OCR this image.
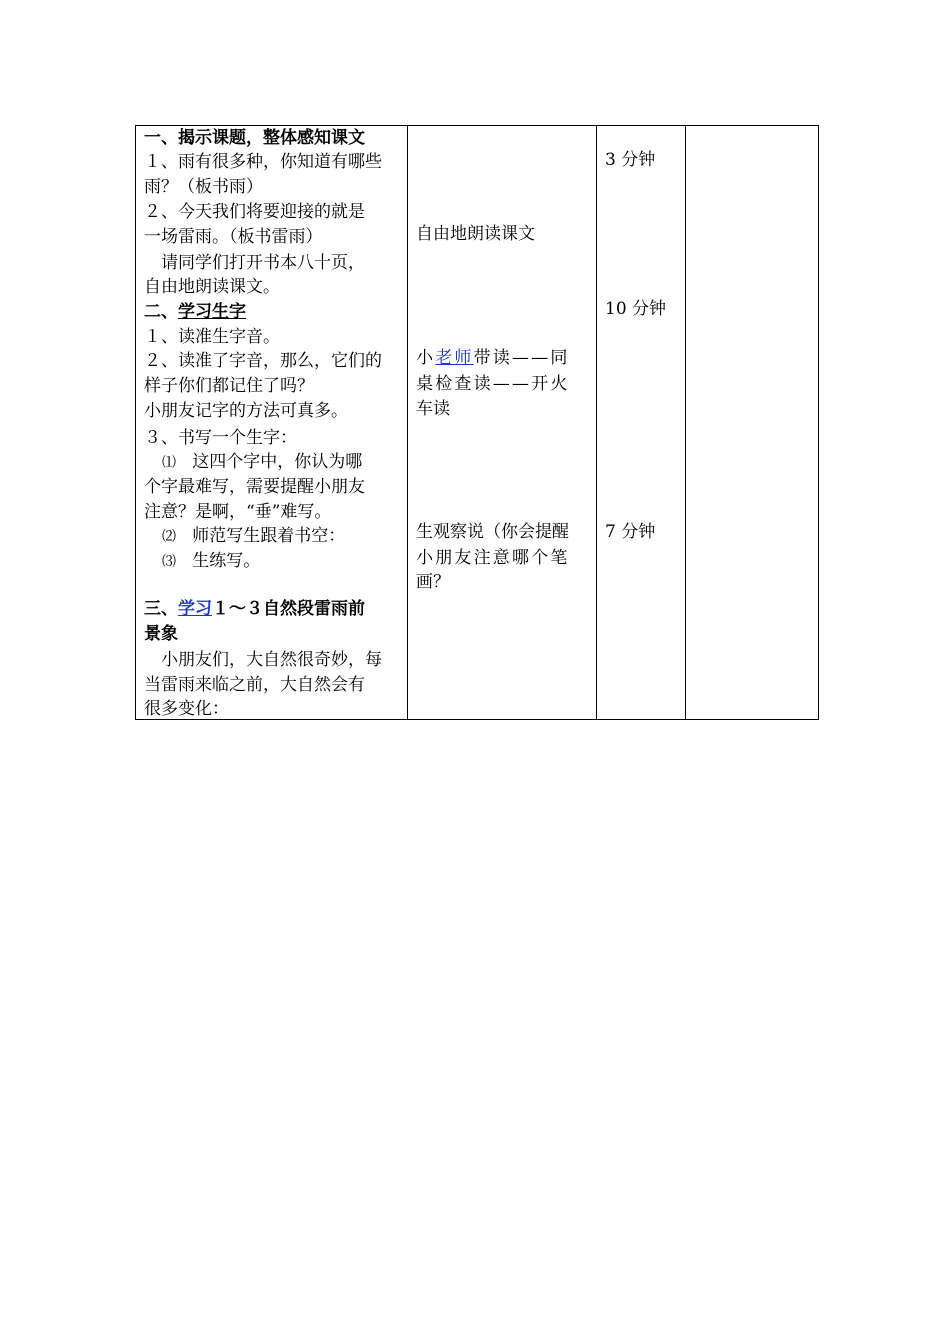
一、揭示课题，整体感知课文
１、雨有很多种，你知道有哪些
雨？（板书雨）
２、今天我们将要迎接的就是
一场雷雨。（板书雷雨）
　请同学们打开书本八十页，
自由地朗读课文。
二、学习生字
１、读准生字音。
２、读准了字音，那么，它们的
样子你们都记住了吗？
小朋友记字的方法可真多。
３、书写一个生字：
⑴ 这四个字中，你认为哪
个字最难写，需要提醒小朋友
注意？是啊，“垂”难写。
⑵ 师范写生跟着书空：
⑶ 生练写。
三、学习１～３自然段雷雨前
景象
　小朋友们，大自然很奇妙，每
当雷雨来临之前，大自然会有
很多变化：
自由地朗读课文
小老师带读——同
桌检查读——开火
车读
生观察说（你会提醒
小朋友注意哪个笔
画？
3 分钟
10 分钟
7 分钟
